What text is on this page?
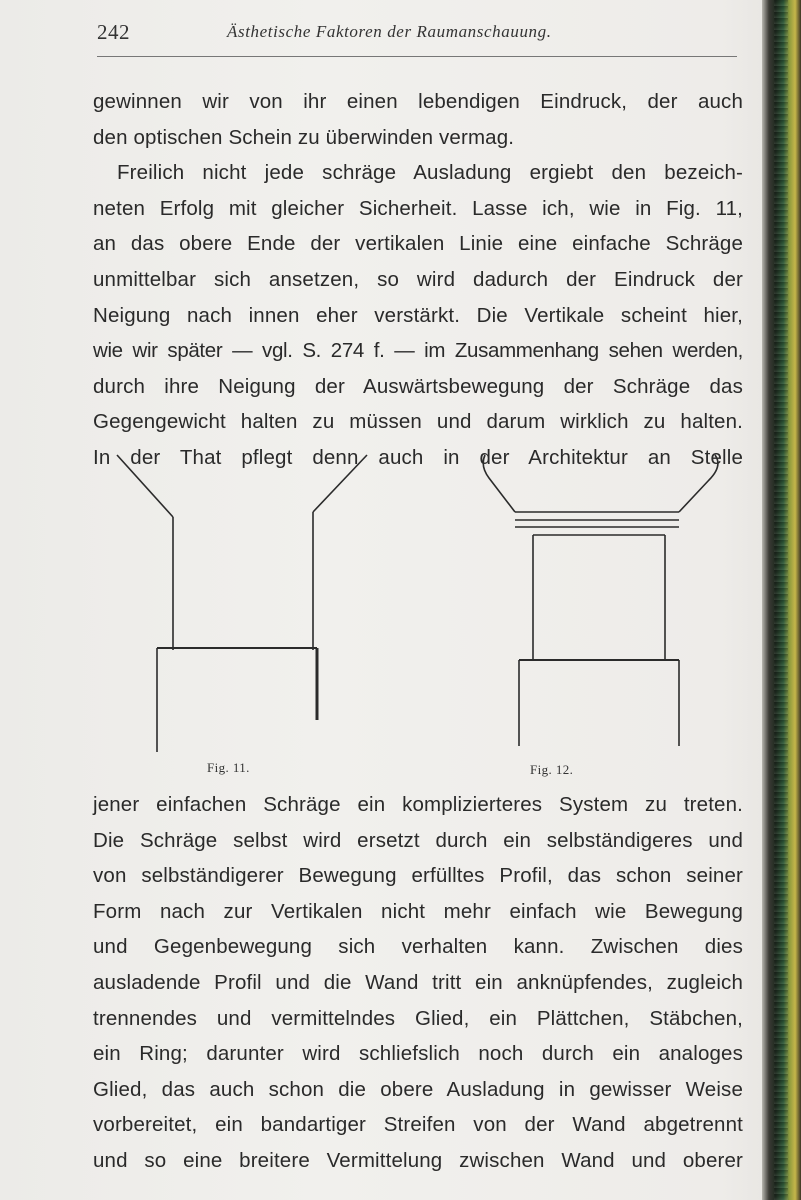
242	Ästhetische Faktoren der Raumanschauung.

gewinnen wir von ihr einen lebendigen Eindruck, der auch
den optischen Schein zu überwinden vermag.

Freilich nicht jede schräge Ausladung ergiebt den bezeich-
neten Erfolg mit gleicher Sicherheit. Lasse ich, wie in Fig. 11,
an das obere Ende der vertikalen Linie eine einfache Schräge
unmittelbar sich ansetzen, so wird dadurch der Eindruck der
Neigung nach innen eher verstärkt. Die Vertikale scheint hier,
wie wir später — vgl. S. 274 f. — im Zusammenhang sehen werden,
durch ihre Neigung der Auswärtsbewegung der Schräge das
Gegengewicht halten zu müssen und darum wirklich zu halten.
In der That pflegt denn auch in der Architektur an Stelle

Fig. 11.	Fig. 12.

jener einfachen Schräge ein komplizierteres System zu treten.
Die Schräge selbst wird ersetzt durch ein selbständigeres und
von selbständigerer Bewegung erfülltes Profil, das schon seiner
Form nach zur Vertikalen nicht mehr einfach wie Bewegung
und Gegenbewegung sich verhalten kann. Zwischen dies
ausladende Profil und die Wand tritt ein anknüpfendes, zugleich
trennendes und vermittelndes Glied, ein Plättchen, Stäbchen,
ein Ring; darunter wird schliefslich noch durch ein analoges
Glied, das auch schon die obere Ausladung in gewisser Weise
vorbereitet, ein bandartiger Streifen von der Wand abgetrennt
und so eine breitere Vermittelung zwischen Wand und oberer
